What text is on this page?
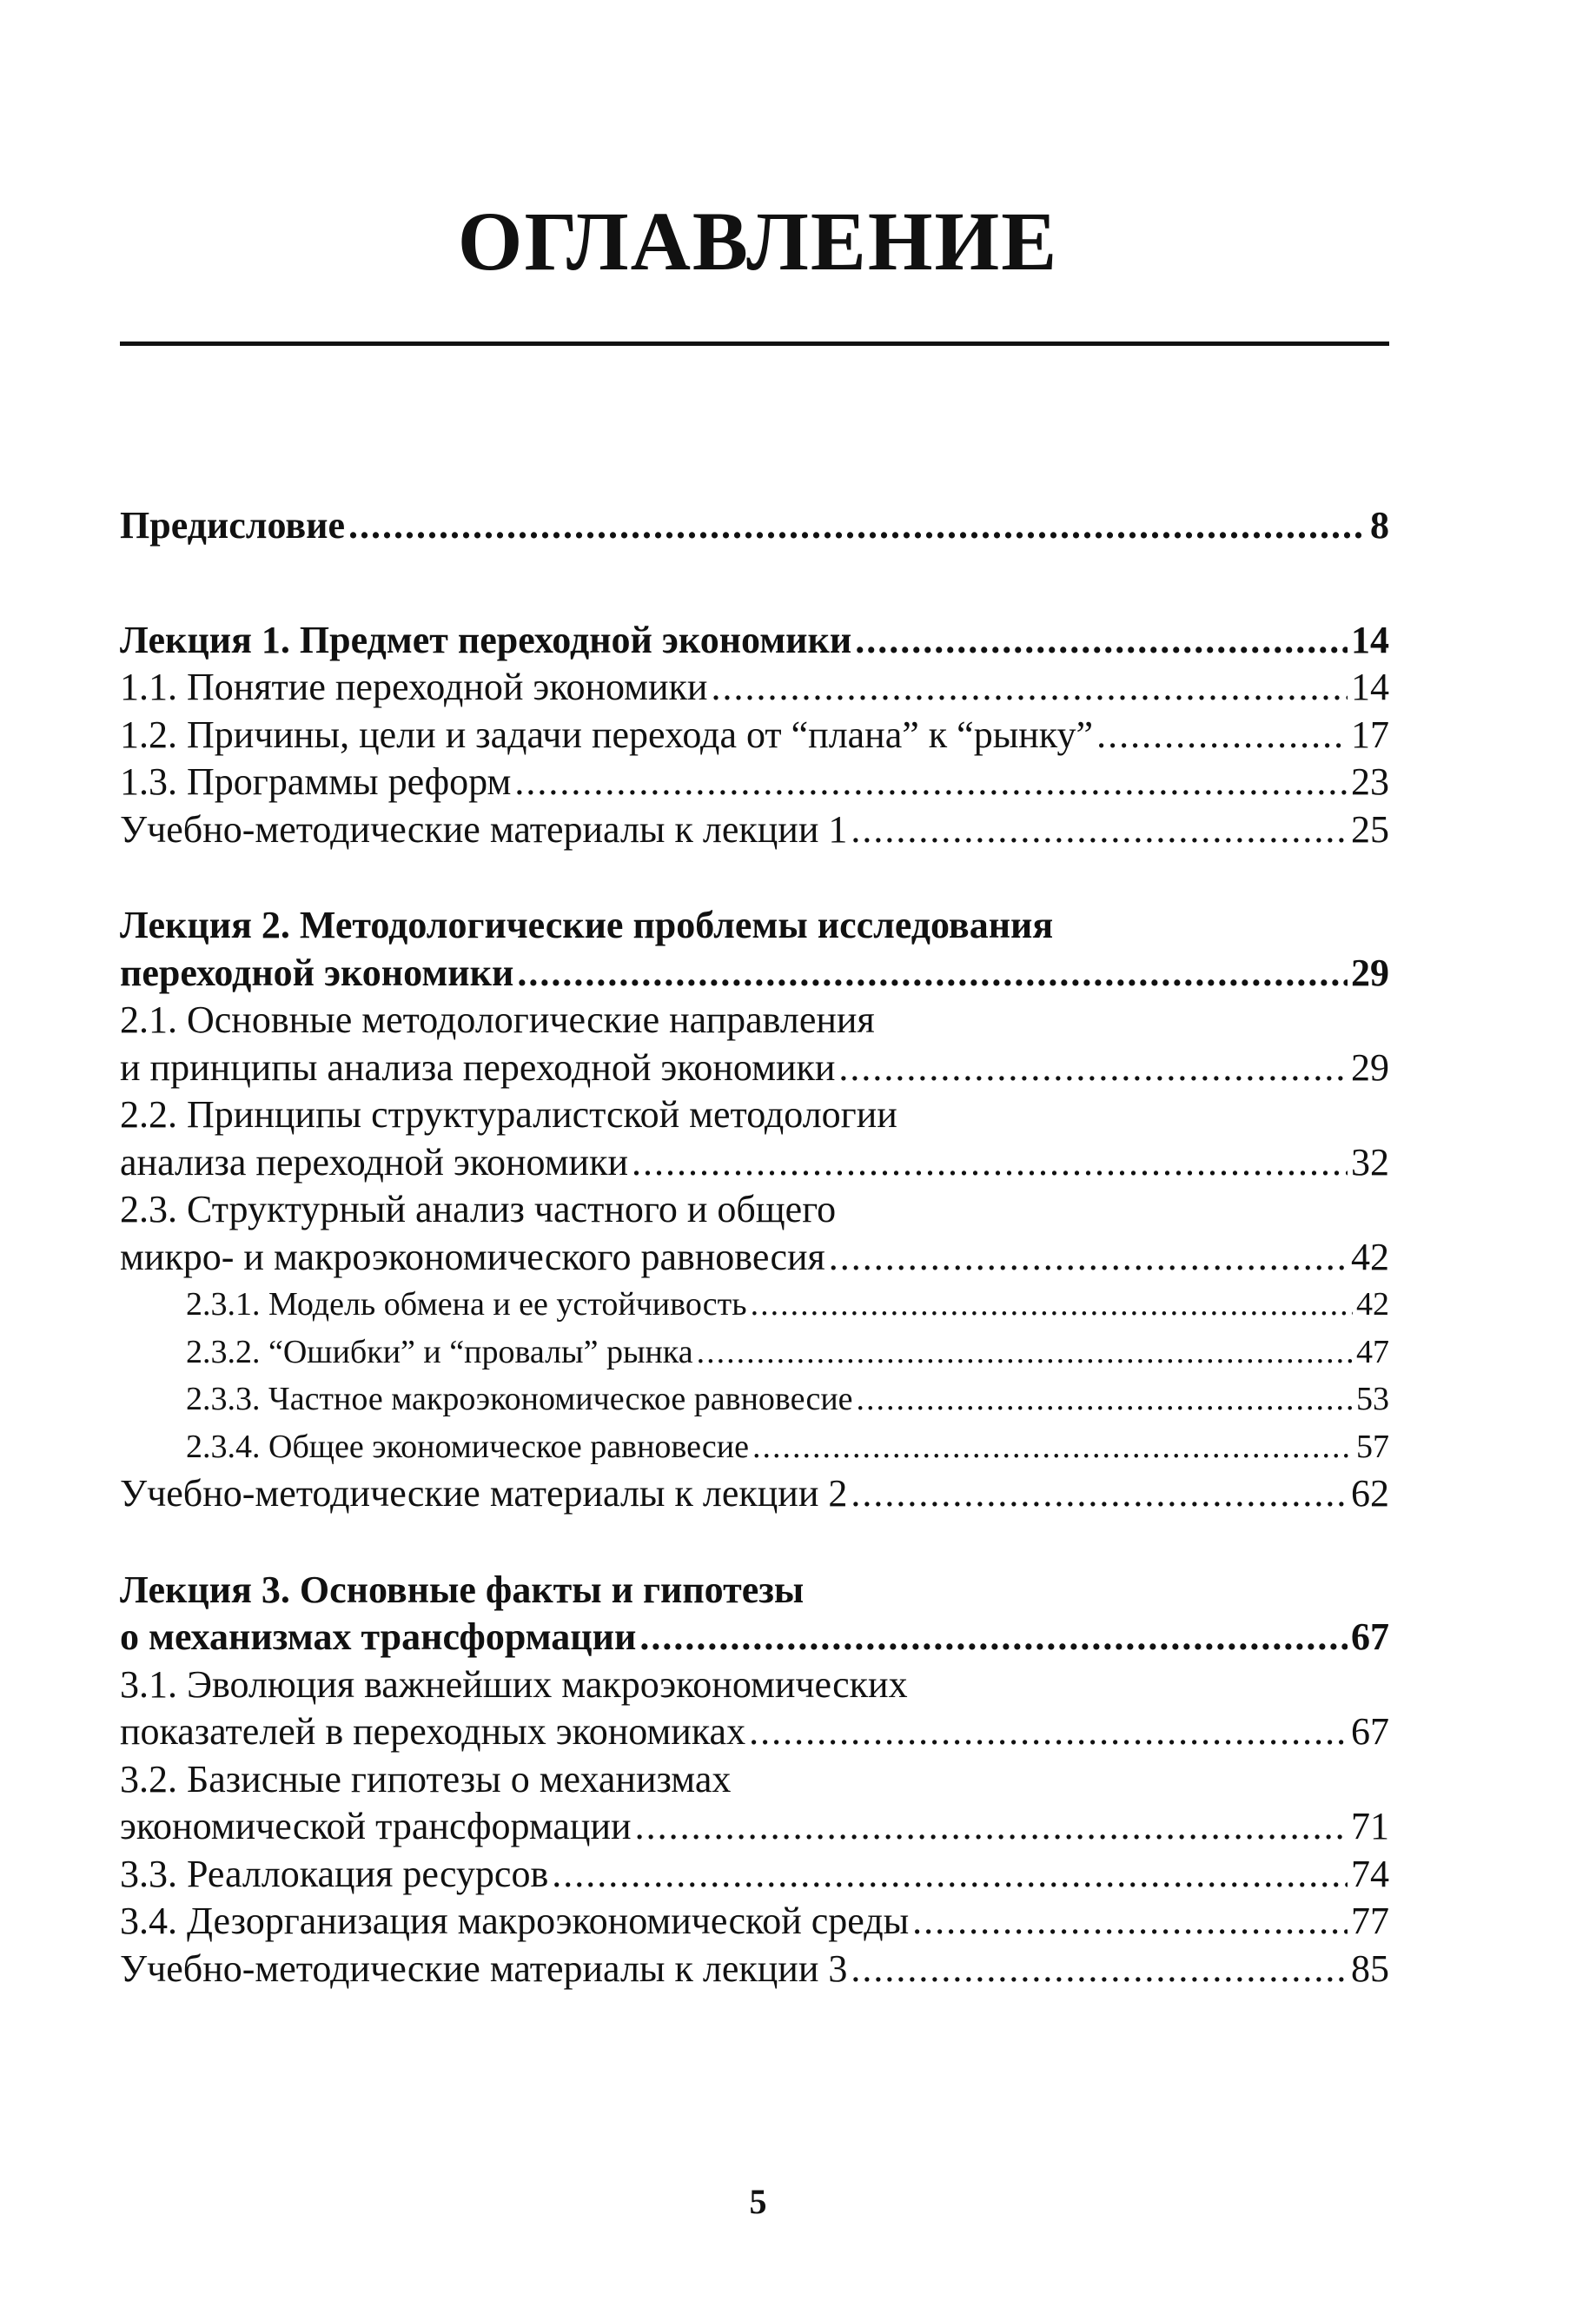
ОГЛАВЛЕНИЕ
Предисловие .....	8
Лекция 1. Предмет переходной экономики .....	14
1.1. Понятие переходной экономики .....	14
1.2. Причины, цели и задачи перехода от “плана” к “рынку” .....	17
1.3. Программы реформ .....	23
Учебно-методические материалы к лекции 1 .....	25
Лекция 2. Методологические проблемы исследования
переходной экономики .....	29
2.1. Основные методологические направления
и принципы анализа переходной экономики .....	29
2.2. Принципы структуралистской методологии
анализа переходной экономики .....	32
2.3. Структурный анализ частного и общего
микро- и макроэкономического равновесия .....	42
2.3.1. Модель обмена и ее устойчивость .....	42
2.3.2. “Ошибки” и “провалы” рынка .....	47
2.3.3. Частное макроэкономическое равновесие .....	53
2.3.4. Общее экономическое равновесие .....	57
Учебно-методические материалы к лекции 2 .....	62
Лекция 3. Основные факты и гипотезы
о механизмах трансформации .....	67
3.1. Эволюция важнейших макроэкономических
показателей в переходных экономиках .....	67
3.2. Базисные гипотезы о механизмах
экономической трансформации .....	71
3.3. Реаллокация ресурсов .....	74
3.4. Дезорганизация макроэкономической среды .....	77
Учебно-методические материалы к лекции 3 .....	85
5
